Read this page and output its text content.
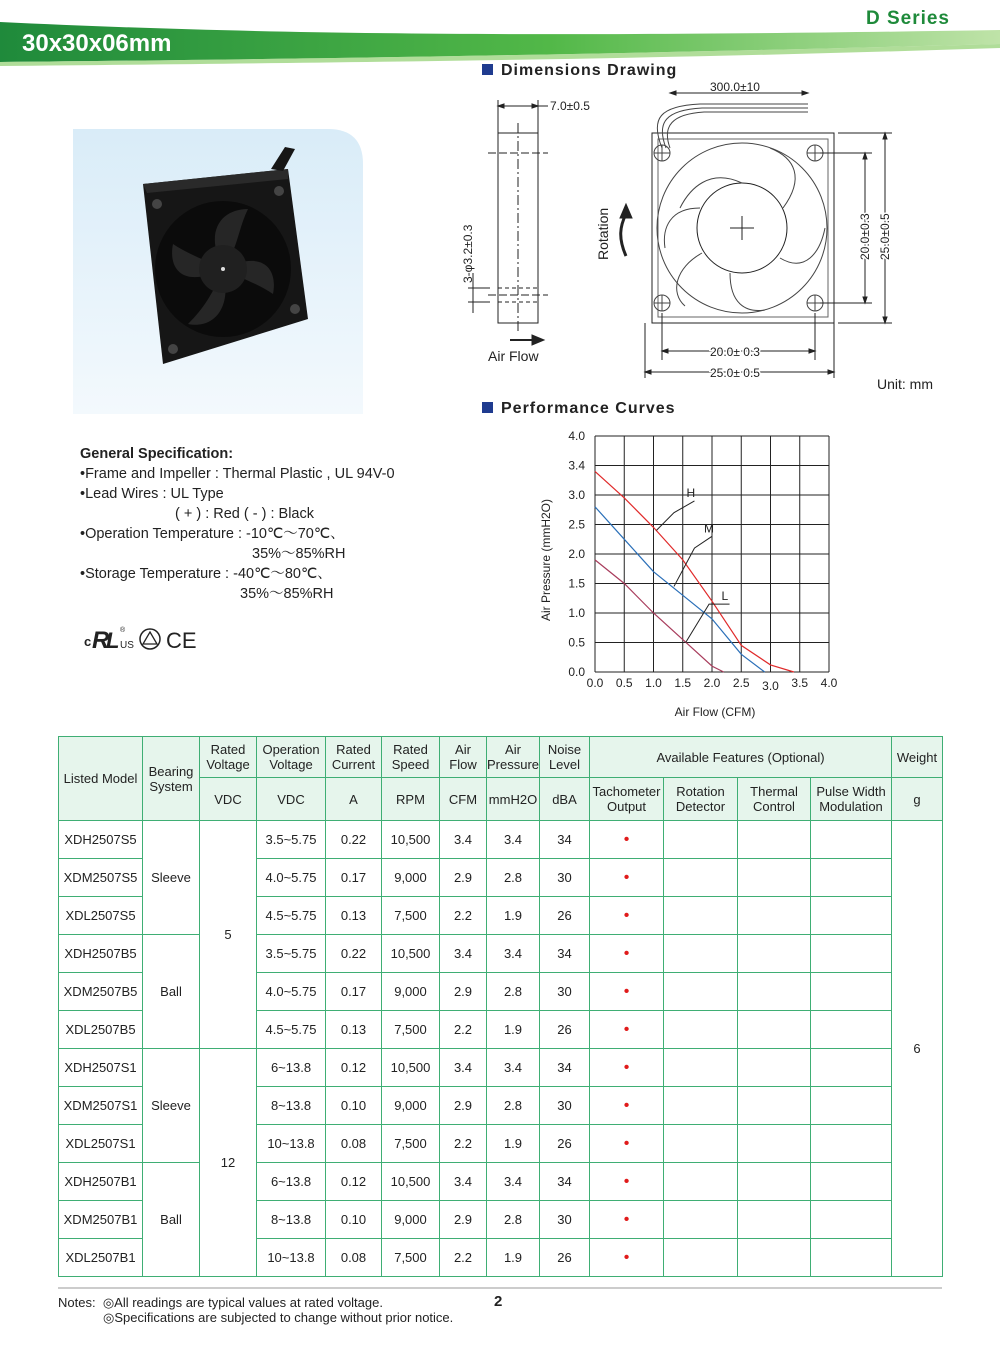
D Series
30x30x06mm
Dimensions Drawing
Performance Curves
7.0±0.5
3-φ3.2±0.3
Air Flow
300.0±10
Rotation	20.0±0.3 25.0±0.5
20.0± 0.3
25.0± 0.5
Unit: mm
General Specification:
•Frame and Impeller : Thermal Plastic , UL 94V-0
•Lead Wires : UL Type
( + ) : Red ( - ) : Black
•Operation Temperature : -10℃～70℃、
35%～85%RH
•Storage Temperature : -40℃～80℃、
35%～85%RH
c R
L ®
US CE
0.0 0.5 1.0 1.5 2.0 2.5 3.0 3.5 4.0
0.0
0.5
1.0
1.5
2.0
2.5
3.0
3.4
4.0
H
M
L
Air Flow (CFM)
Air Pressure (mmH2O)
Listed Model	Bearing System	Rated Voltage	Operation Voltage	Rated Current	Rated Speed	Air Flow	Air Pressure	Noise Level	Available Features (Optional)				Weight
		VDC	VDC	A	RPM	CFM	mmH2O	dBA	Tachometer Output	Rotation Detector	Thermal Control	Pulse Width Modulation	g
XDH2507S5	Sleeve	5	3.5~5.75	0.22	10,500	3.4	3.4	34	•				6
XDM2507S5			4.0~5.75	0.17	9,000	2.9	2.8	30	•				
XDL2507S5			4.5~5.75	0.13	7,500	2.2	1.9	26	•				
XDH2507B5	Ball		3.5~5.75	0.22	10,500	3.4	3.4	34	•				
XDM2507B5			4.0~5.75	0.17	9,000	2.9	2.8	30	•				
XDL2507B5			4.5~5.75	0.13	7,500	2.2	1.9	26	•				
XDH2507S1	Sleeve	12	6~13.8	0.12	10,500	3.4	3.4	34	•				
XDM2507S1			8~13.8	0.10	9,000	2.9	2.8	30	•				
XDL2507S1			10~13.8	0.08	7,500	2.2	1.9	26	•				
XDH2507B1	Ball		6~13.8	0.12	10,500	3.4	3.4	34	•				
XDM2507B1			8~13.8	0.10	9,000	2.9	2.8	30	•				
XDL2507B1			10~13.8	0.08	7,500	2.2	1.9	26	•				
Notes: ◎All readings are typical values at rated voltage.
◎Specifications are subjected to change without prior notice.
2
